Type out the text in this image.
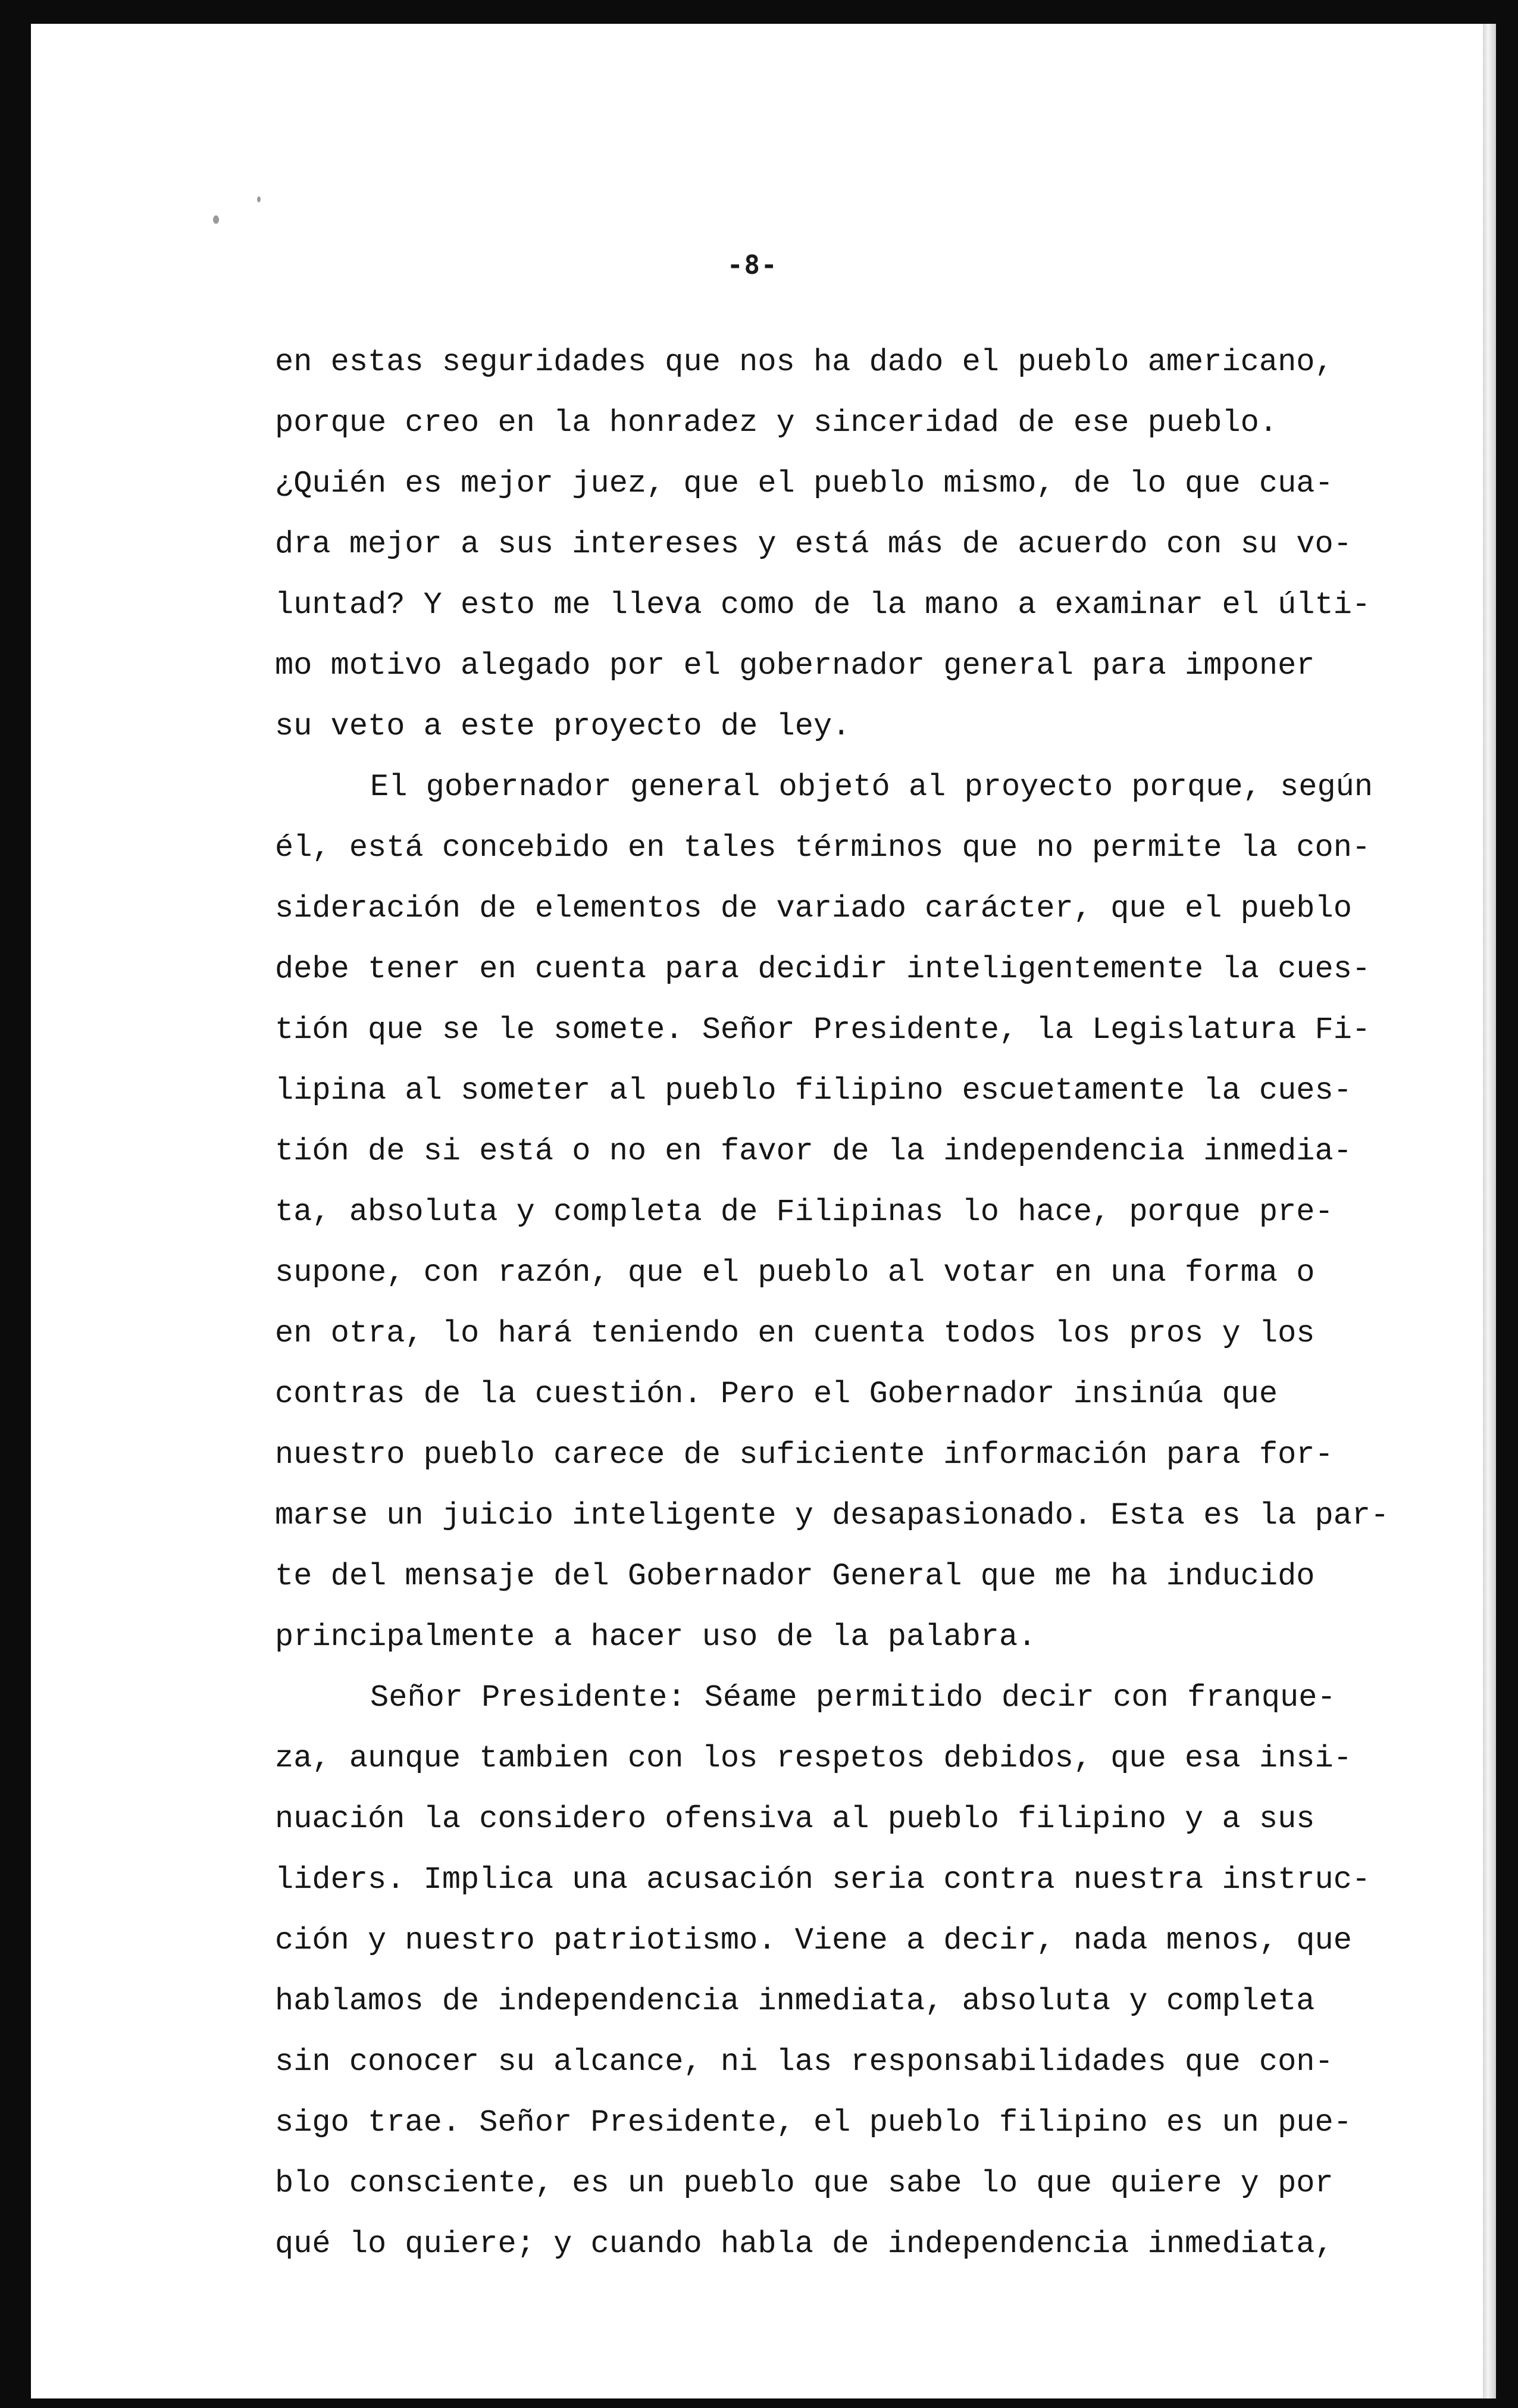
-8-
en estas seguridades que nos ha dado el pueblo americano,
porque creo en la honradez y sinceridad de ese pueblo.
¿Quién es mejor juez, que el pueblo mismo, de lo que cua-
dra mejor a sus intereses y está más de acuerdo con su vo-
luntad? Y esto me lleva como de la mano a examinar el últi-
mo motivo alegado por el gobernador general para imponer
su veto a este proyecto de ley.
El gobernador general objetó al proyecto porque, según
él, está concebido en tales términos que no permite la con-
sideración de elementos de variado carácter, que el pueblo
debe tener en cuenta para decidir inteligentemente la cues-
tión que se le somete. Señor Presidente, la Legislatura Fi-
lipina al someter al pueblo filipino escuetamente la cues-
tión de si está o no en favor de la independencia inmedia-
ta, absoluta y completa de Filipinas lo hace, porque pre-
supone, con razón, que el pueblo al votar en una forma o
en otra, lo hará teniendo en cuenta todos los pros y los
contras de la cuestión. Pero el Gobernador insinúa que
nuestro pueblo carece de suficiente información para for-
marse un juicio inteligente y desapasionado. Esta es la par-
te del mensaje del Gobernador General que me ha inducido
principalmente a hacer uso de la palabra.
Señor Presidente: Séame permitido decir con franque-
za, aunque tambien con los respetos debidos, que esa insi-
nuación la considero ofensiva al pueblo filipino y a sus
liders. Implica una acusación seria contra nuestra instruc-
ción y nuestro patriotismo. Viene a decir, nada menos, que
hablamos de independencia inmediata, absoluta y completa
sin conocer su alcance, ni las responsabilidades que con-
sigo trae. Señor Presidente, el pueblo filipino es un pue-
blo consciente, es un pueblo que sabe lo que quiere y por
qué lo quiere; y cuando habla de independencia inmediata,
